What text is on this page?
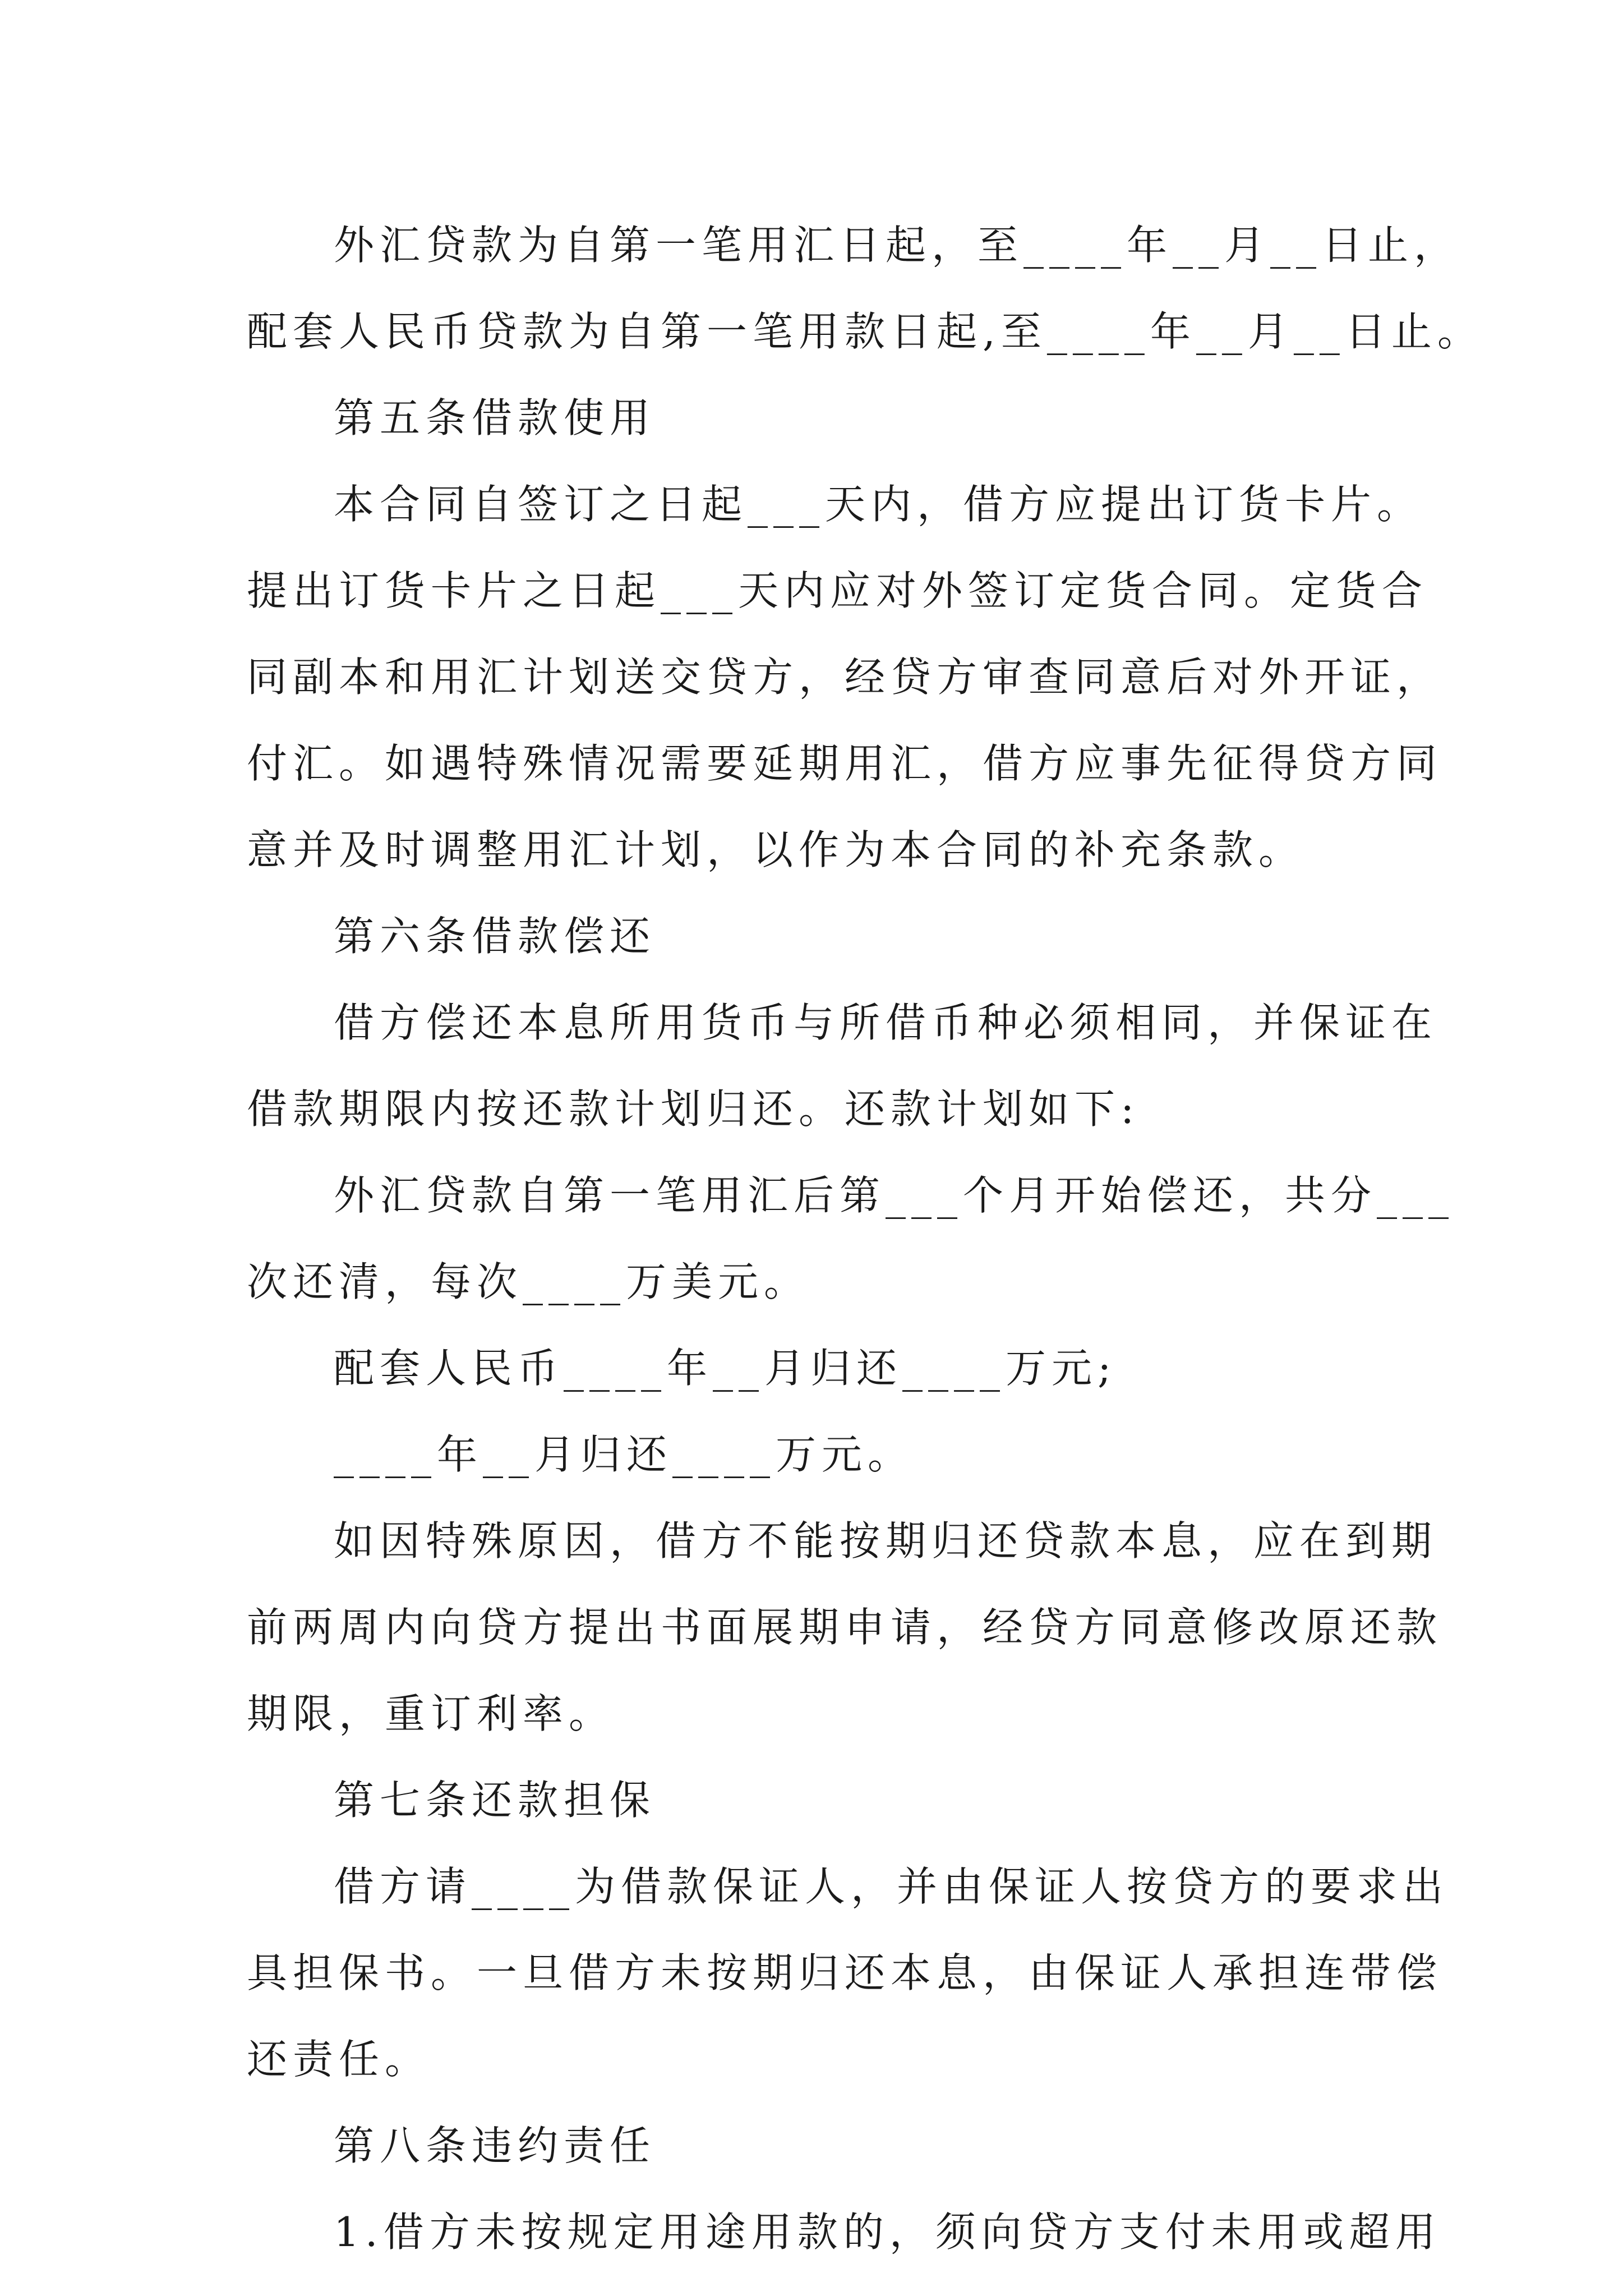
外汇贷款为自第一笔用汇日起，至____年__月__日止，
配套人民币贷款为自第一笔用款日起,至____年__月__日止。
第五条借款使用
本合同自签订之日起___天内，借方应提出订货卡片。
提出订货卡片之日起___天内应对外签订定货合同。定货合
同副本和用汇计划送交贷方，经贷方审查同意后对外开证，
付汇。如遇特殊情况需要延期用汇，借方应事先征得贷方同
意并及时调整用汇计划，以作为本合同的补充条款。
第六条借款偿还
借方偿还本息所用货币与所借币种必须相同，并保证在
借款期限内按还款计划归还。还款计划如下:
外汇贷款自第一笔用汇后第___个月开始偿还，共分___
次还清，每次____万美元。
配套人民币____年__月归还____万元;
____年__月归还____万元。
如因特殊原因，借方不能按期归还贷款本息，应在到期
前两周内向贷方提出书面展期申请，经贷方同意修改原还款
期限，重订利率。
第七条还款担保
借方请____为借款保证人，并由保证人按贷方的要求出
具担保书。一旦借方未按期归还本息，由保证人承担连带偿
还责任。
第八条违约责任
1.借方未按规定用途用款的，须向贷方支付未用或超用
